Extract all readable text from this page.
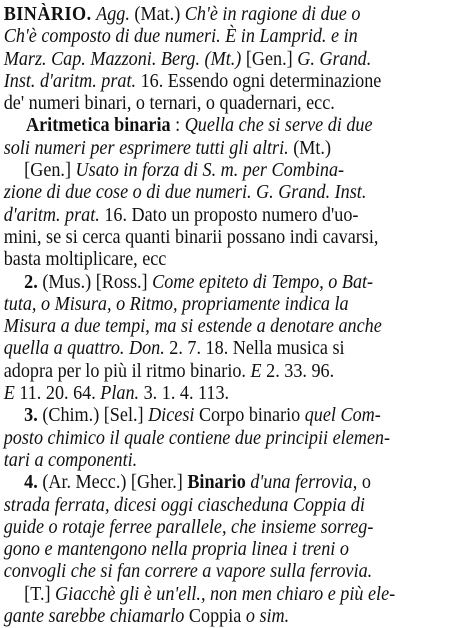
BINÀRIO. Agg. (Mat.) Ch'è in ragione di due o
Ch'è composto di due numeri. È in Lamprid. e in
Marz. Cap. Mazzoni. Berg. (Mt.) [Gen.] G. Grand.
Inst. d'aritm. prat. 16. Essendo ogni determinazione
de' numeri binari, o ternari, o quadernari, ecc.
Aritmetica binaria : Quella che si serve di due
soli numeri per esprimere tutti gli altri. (Mt.)
[Gen.] Usato in forza di S. m. per Combina-
zione di due cose o di due numeri. G. Grand. Inst.
d'aritm. prat. 16. Dato un proposto numero d'uo-
mini, se si cerca quanti binarii possano indi cavarsi,
basta moltiplicare, ecc
2. (Mus.) [Ross.] Come epiteto di Tempo, o Bat-
tuta, o Misura, o Ritmo, propriamente indica la
Misura a due tempi, ma si estende a denotare anche
quella a quattro. Don. 2. 7. 18. Nella musica si
adopra per lo più il ritmo binario. E 2. 33. 96.
E 11. 20. 64. Plan. 3. 1. 4. 113.
3. (Chim.) [Sel.] Dicesi Corpo binario quel Com-
posto chimico il quale contiene due principii elemen-
tari a componenti.
4. (Ar. Mecc.) [Gher.] Binario d'una ferrovia, o
strada ferrata, dicesi oggi ciascheduna Coppia di
guide o rotaje ferree parallele, che insieme sorreg-
gono e mantengono nella propria linea i treni o
convogli che si fan correre a vapore sulla ferrovia.
[T.] Giacchè gli è un'ell., non men chiaro e più ele-
gante sarebbe chiamarlo Coppia o sim.
